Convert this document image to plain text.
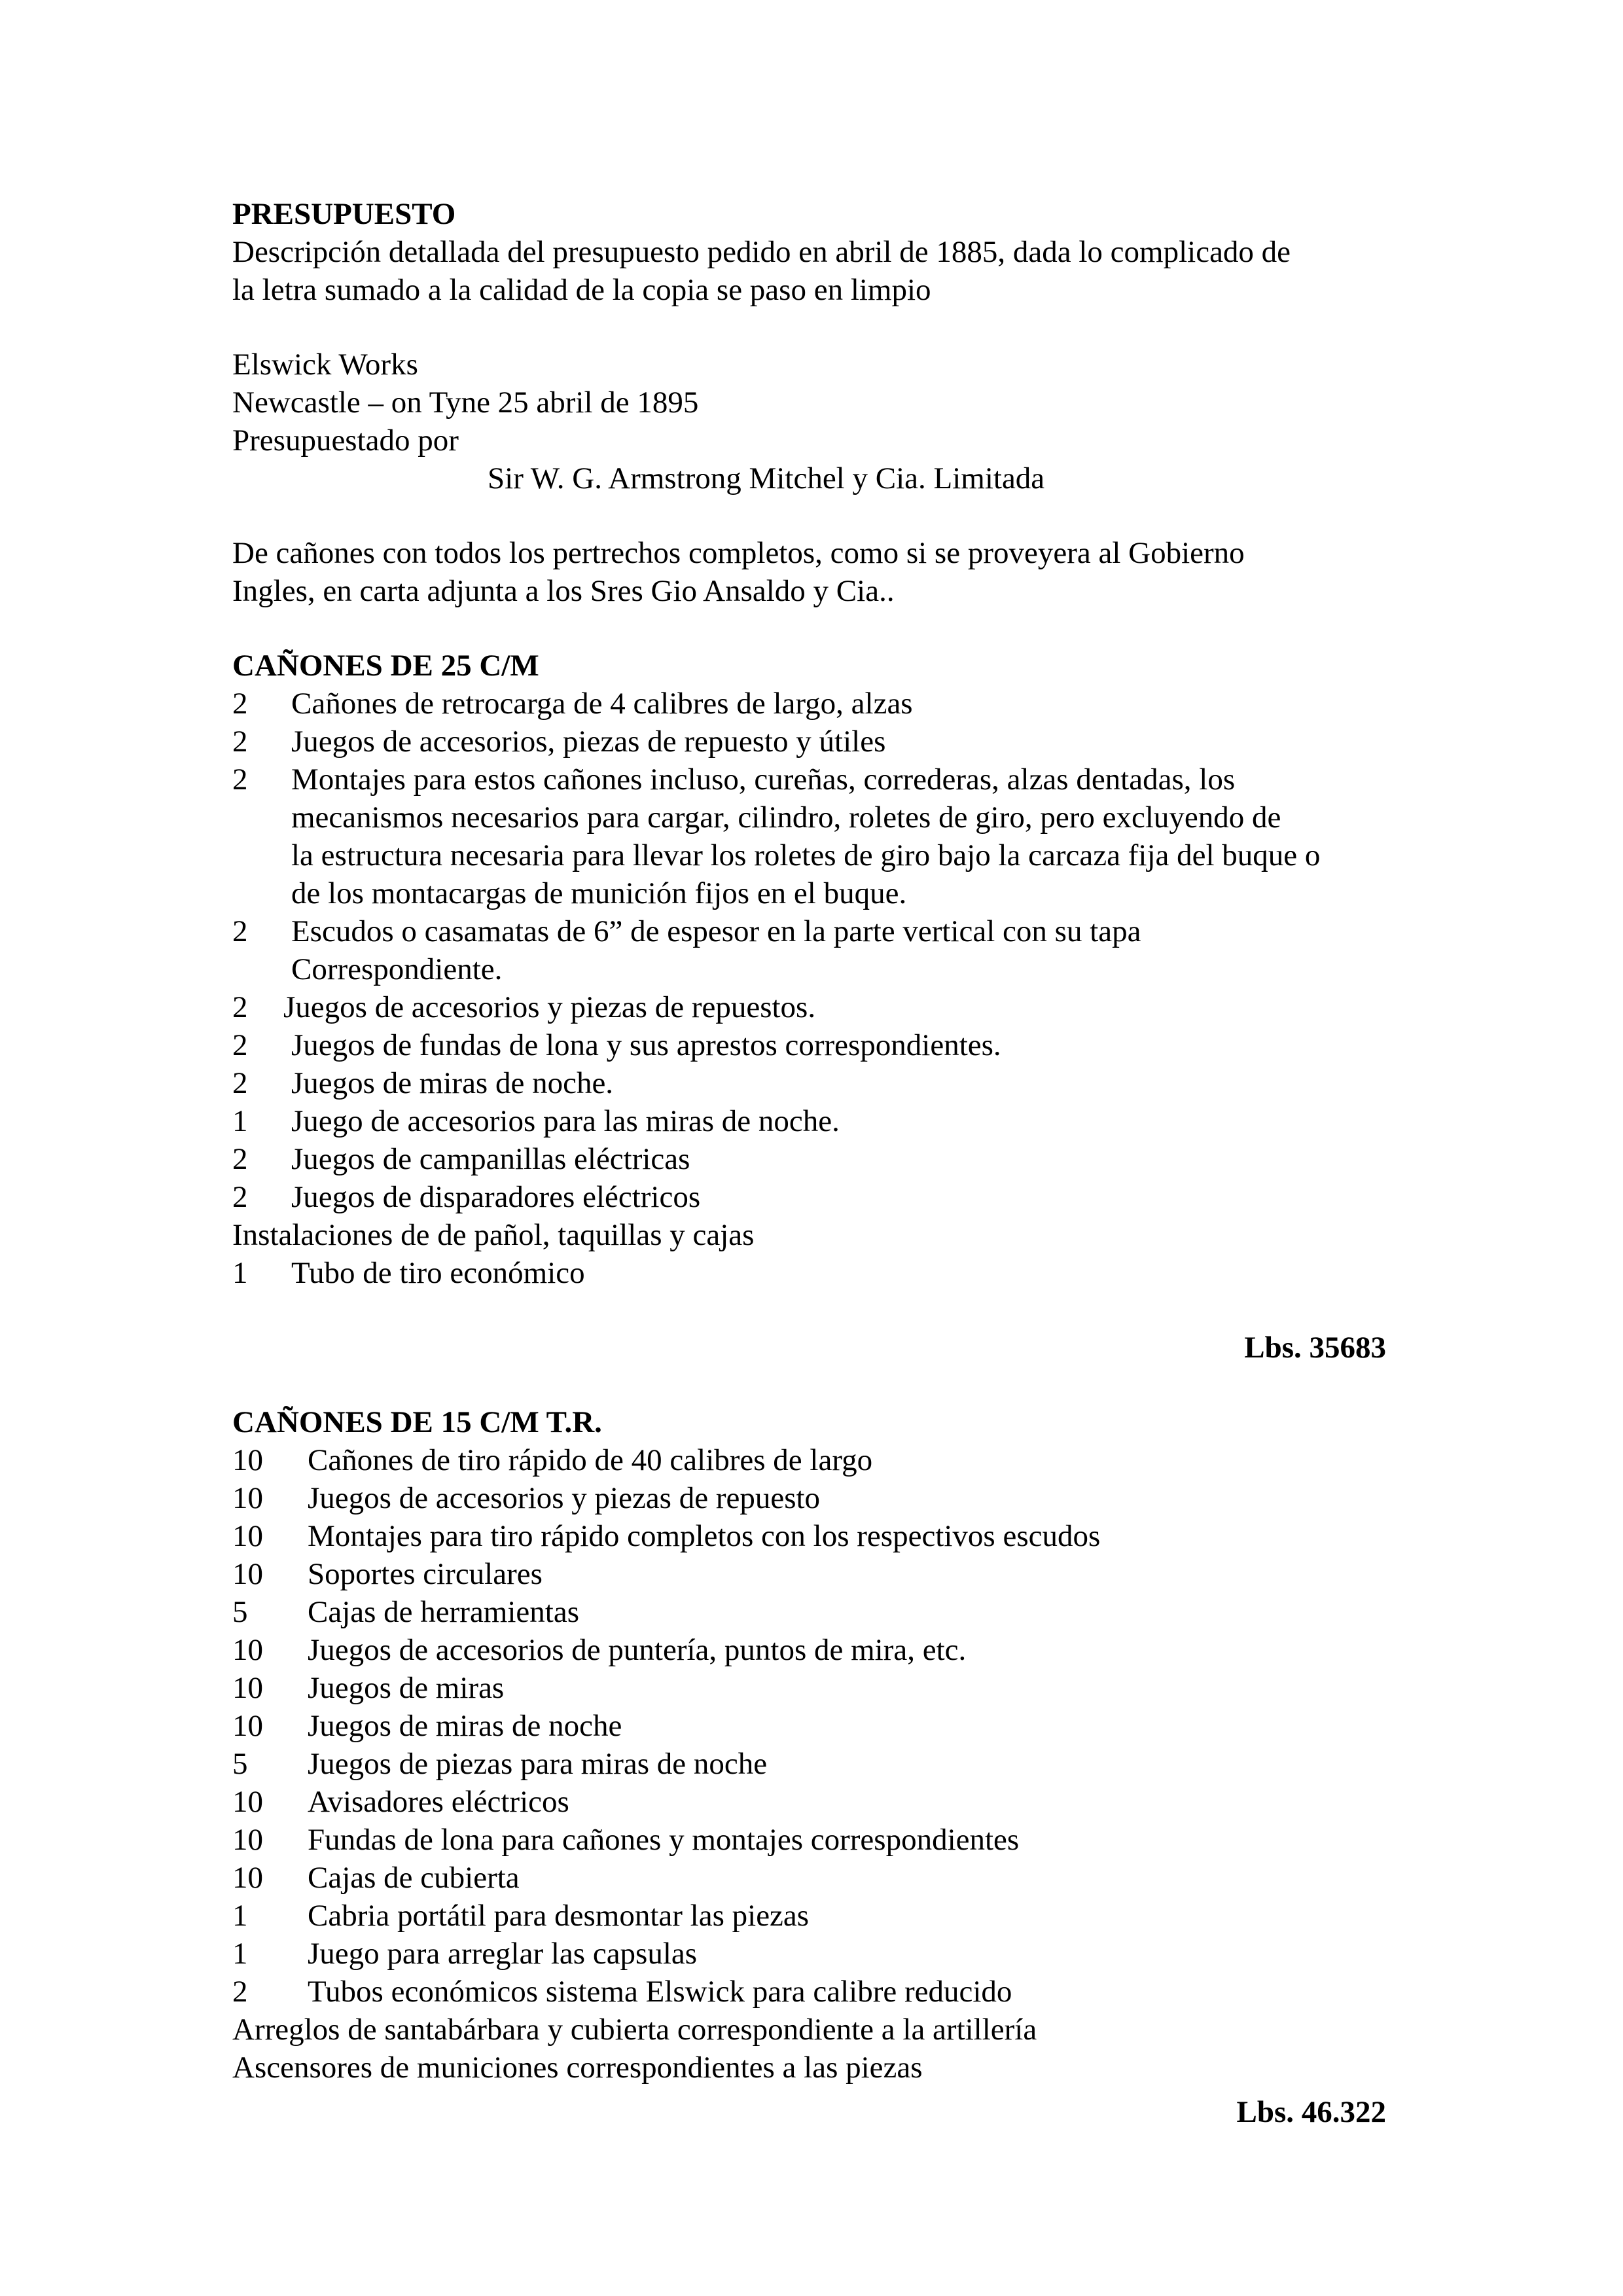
PRESUPUESTO
Descripción detallada del presupuesto pedido en abril de 1885, dada lo complicado de
la letra sumado a la calidad de la copia se paso en limpio
Elswick Works
Newcastle – on Tyne 25 abril de 1895
Presupuestado por
Sir W. G. Armstrong Mitchel y Cia. Limitada
De cañones con todos los pertrechos completos, como si se proveyera al Gobierno
Ingles, en carta adjunta a los Sres Gio Ansaldo y Cia..
CAÑONES DE 25 C/M
2 Cañones de retrocarga de 4 calibres de largo, alzas
2 Juegos de accesorios, piezas de repuesto y útiles
2 Montajes para estos cañones incluso, cureñas, correderas, alzas dentadas, los
mecanismos necesarios para cargar, cilindro, roletes de giro, pero excluyendo de
la estructura necesaria para llevar los roletes de giro bajo la carcaza fija del buque o
de los montacargas de munición fijos en el buque.
2 Escudos o casamatas de 6” de espesor en la parte vertical con su tapa
Correspondiente.
2 Juegos de accesorios y piezas de repuestos.
2 Juegos de fundas de lona y sus aprestos correspondientes.
2 Juegos de miras de noche.
1 Juego de accesorios para las miras de noche.
2 Juegos de campanillas eléctricas
2 Juegos de disparadores eléctricos
Instalaciones de de pañol, taquillas y cajas
1 Tubo de tiro económico
Lbs. 35683
CAÑONES DE 15 C/M T.R.
10 Cañones de tiro rápido de 40 calibres de largo
10 Juegos de accesorios y piezas de repuesto
10 Montajes para tiro rápido completos con los respectivos escudos
10 Soportes circulares
5 Cajas de herramientas
10 Juegos de accesorios de puntería, puntos de mira, etc.
10 Juegos de miras
10 Juegos de miras de noche
5 Juegos de piezas para miras de noche
10 Avisadores eléctricos
10 Fundas de lona para cañones y montajes correspondientes
10 Cajas de cubierta
1 Cabria portátil para desmontar las piezas
1 Juego para arreglar las capsulas
2 Tubos económicos sistema Elswick para calibre reducido
Arreglos de santabárbara y cubierta correspondiente a la artillería
Ascensores de municiones correspondientes a las piezas
Lbs. 46.322
